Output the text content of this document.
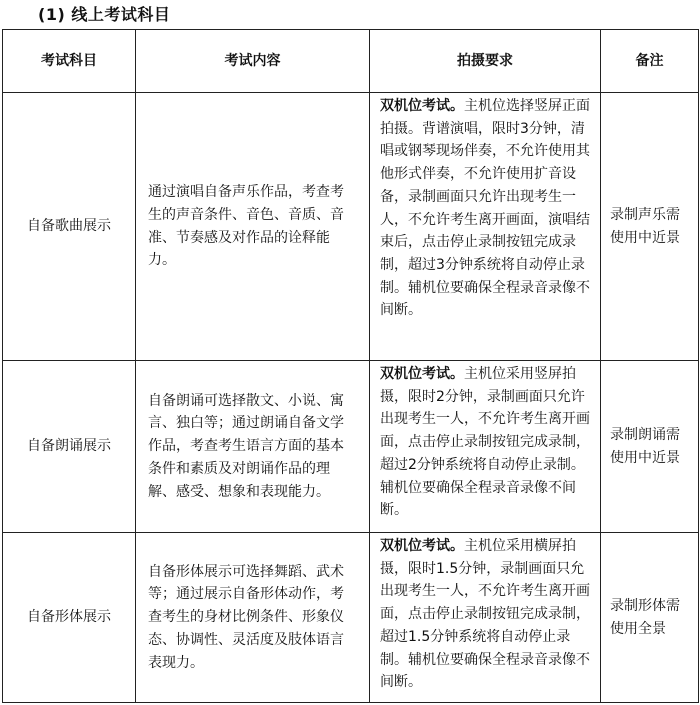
(1) 线上考试科目
考试科目	考试内容	拍摄要求	备注
自备歌曲展示	通过演唱自备声乐作品，考查考生的声音条件、音色、音质、音准、节奏感及对作品的诠释能力。	双机位考试。主机位选择竖屏正面拍摄。背谱演唱，限时3分钟，清唱或钢琴现场伴奏，不允许使用其他形式伴奏，不允许使用扩音设备，录制画面只允许出现考生一人，不允许考生离开画面，演唱结束后，点击停止录制按钮完成录制，超过3分钟系统将自动停止录制。辅机位要确保全程录音录像不间断。	录制声乐需使用中近景
自备朗诵展示	自备朗诵可选择散文、小说、寓言、独白等；通过朗诵自备文学作品，考查考生语言方面的基本条件和素质及对朗诵作品的理解、感受、想象和表现能力。	双机位考试。主机位采用竖屏拍摄，限时2分钟，录制画面只允许出现考生一人，不允许考生离开画面，点击停止录制按钮完成录制，超过2分钟系统将自动停止录制。辅机位要确保全程录音录像不间断。	录制朗诵需使用中近景
自备形体展示	自备形体展示可选择舞蹈、武术等；通过展示自备形体动作，考查考生的身材比例条件、形象仪态、协调性、灵活度及肢体语言表现力。	双机位考试。主机位采用横屏拍摄，限时1.5分钟，录制画面只允出现考生一人，不允许考生离开画面，点击停止录制按钮完成录制，超过1.5分钟系统将自动停止录制。辅机位要确保全程录音录像不间断。	录制形体需使用全景
